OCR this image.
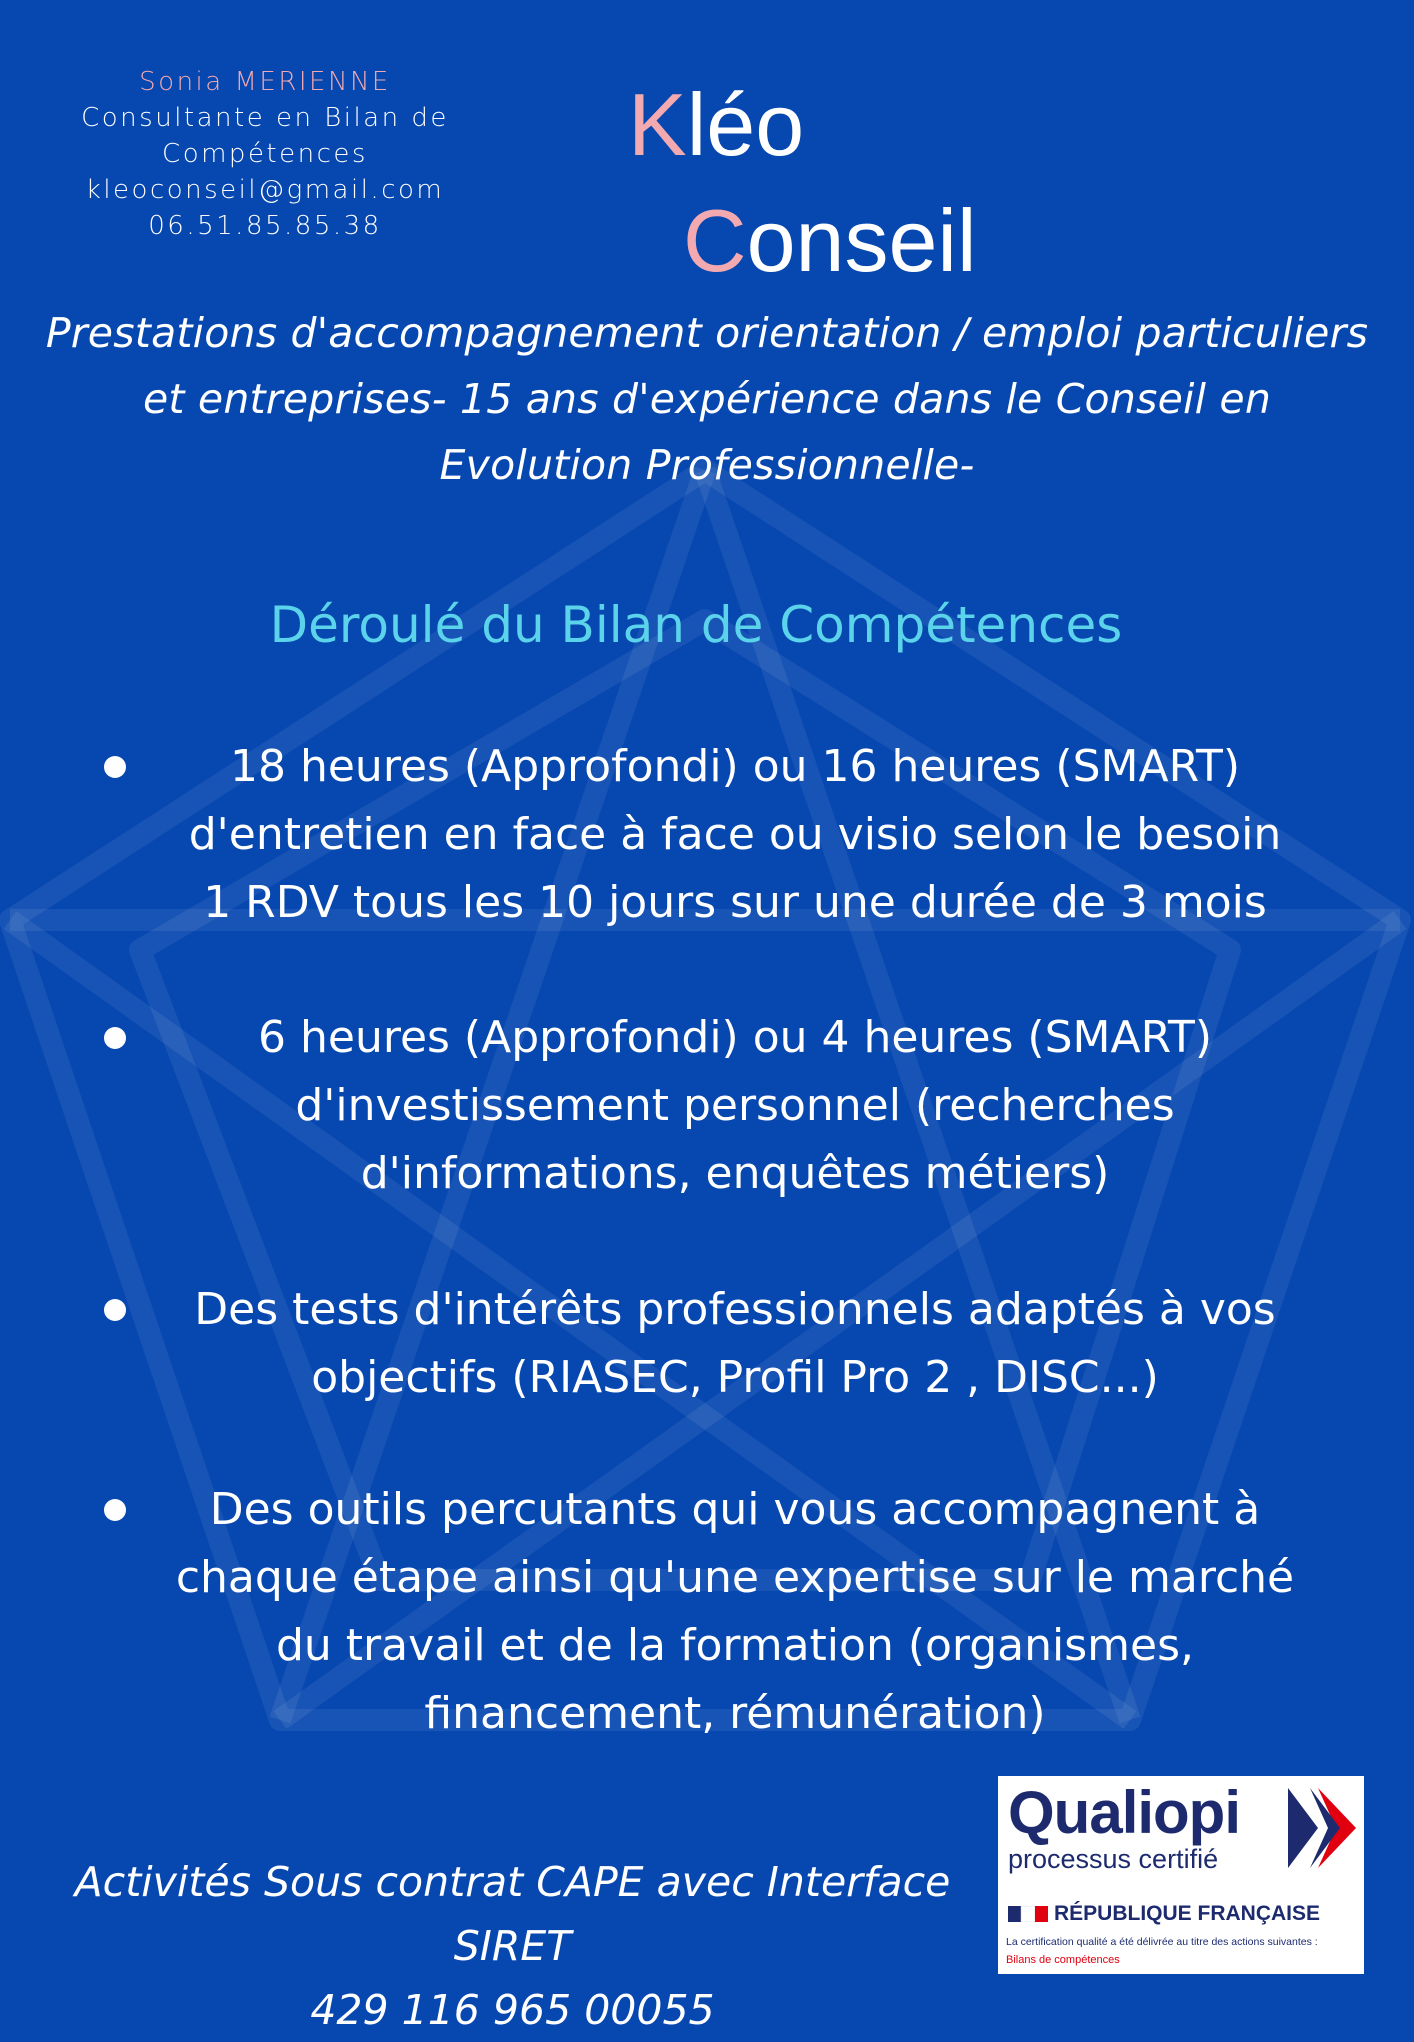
Sonia MERIENNE
Consultante en Bilan de
Compétences
kleoconseil@gmail.com
06.51.85.85.38
Kléo
Conseil
Prestations d'accompagnement orientation / emploi particuliers et entreprises- 15 ans d'expérience dans le Conseil en Evolution Professionnelle-
Déroulé du Bilan de Compétences
18 heures (Approfondi) ou 16 heures (SMART)
d'entretien en face à face ou visio selon le besoin
1 RDV tous les 10 jours sur une durée de 3 mois
6 heures (Approfondi) ou 4 heures (SMART)
d'investissement personnel (recherches
d'informations, enquêtes métiers)
Des tests d'intérêts professionnels adaptés à vos
objectifs (RIASEC, Profil Pro 2 , DISC...)
Des outils percutants qui vous accompagnent à
chaque étape ainsi qu'une expertise sur le marché
du travail et de la formation (organismes,
financement, rémunération)
Activités Sous contrat CAPE avec Interface SIRET
429 116 965 00055
Qualiopi
processus certifié
RÉPUBLIQUE FRANÇAISE
La certification qualité a été délivrée au titre des actions suivantes :
Bilans de compétences
